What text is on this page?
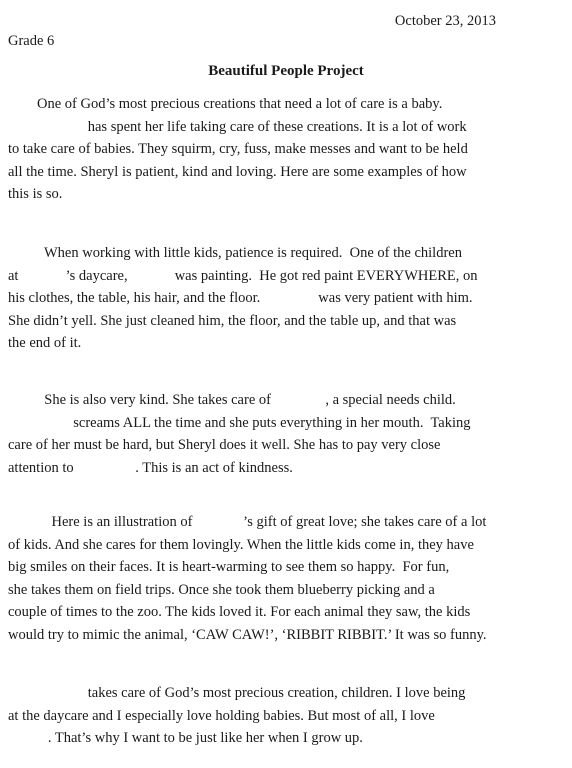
October 23, 2013
Grade 6
Beautiful People Project
One of God’s most precious creations that need a lot of care is a baby.
has spent her life taking care of these creations. It is a lot of work
to take care of babies. They squirm, cry, fuss, make messes and want to be held
all the time. Sheryl is patient, kind and loving. Here are some examples of how
this is so.
When working with little kids, patience is required.  One of the children
at             ’s daycare,             was painting.  He got red paint EVERYWHERE, on
his clothes, the table, his hair, and the floor.                was very patient with him.
She didn’t yell. She just cleaned him, the floor, and the table up, and that was
the end of it.
She is also very kind. She takes care of               , a special needs child.
screams ALL the time and she puts everything in her mouth.  Taking
care of her must be hard, but Sheryl does it well. She has to pay very close
attention to                 . This is an act of kindness.
Here is an illustration of              ’s gift of great love; she takes care of a lot
of kids. And she cares for them lovingly. When the little kids come in, they have
big smiles on their faces. It is heart-warming to see them so happy.  For fun,
she takes them on field trips. Once she took them blueberry picking and a
couple of times to the zoo. The kids loved it. For each animal they saw, the kids
would try to mimic the animal, ‘CAW CAW!’, ‘RIBBIT RIBBIT.’ It was so funny.
takes care of God’s most precious creation, children. I love being
at the daycare and I especially love holding babies. But most of all, I love
. That’s why I want to be just like her when I grow up.
